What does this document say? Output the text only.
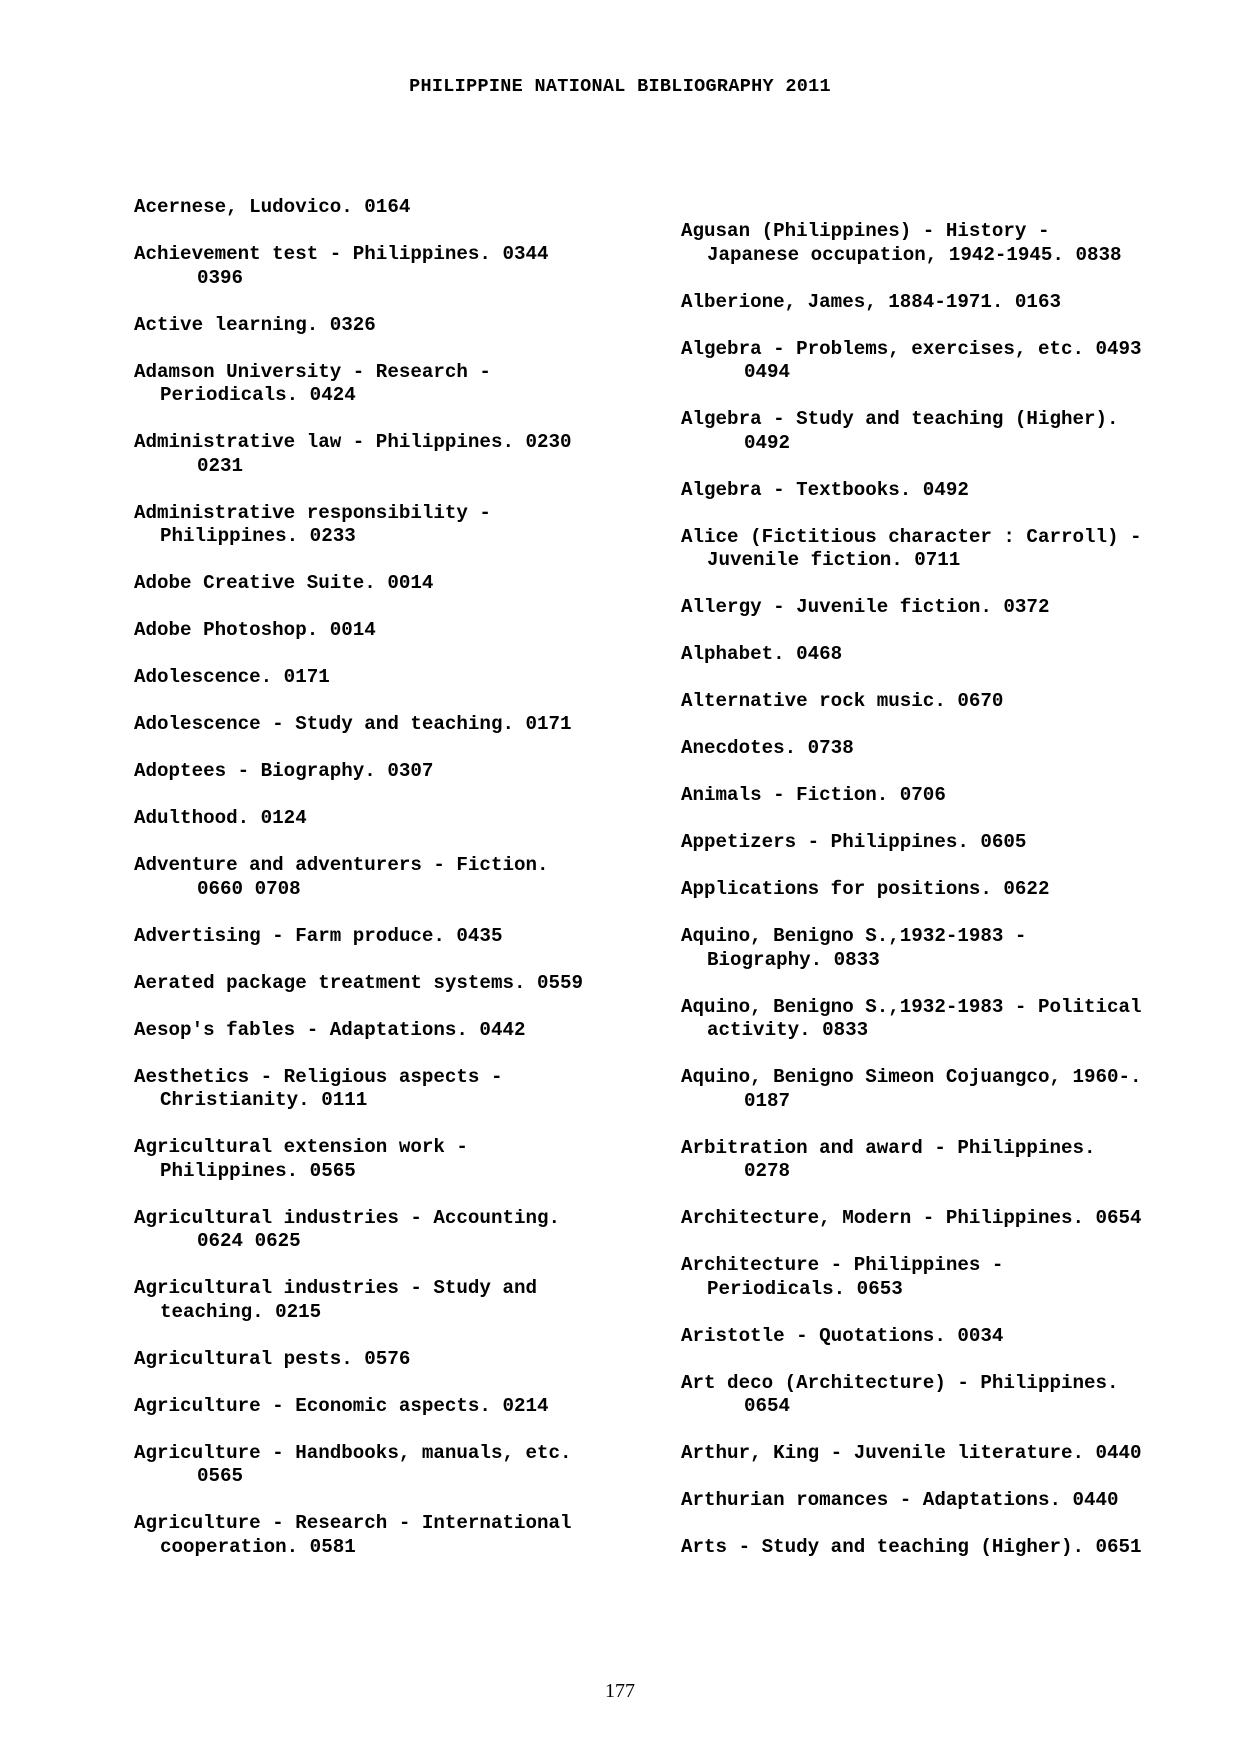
PHILIPPINE NATIONAL BIBLIOGRAPHY 2011
Acernese, Ludovico. 0164
Achievement test - Philippines. 0344
0396
Active learning. 0326
Adamson University - Research -
Periodicals. 0424
Administrative law - Philippines. 0230
0231
Administrative responsibility -
Philippines. 0233
Adobe Creative Suite. 0014
Adobe Photoshop. 0014
Adolescence. 0171
Adolescence - Study and teaching. 0171
Adoptees - Biography. 0307
Adulthood. 0124
Adventure and adventurers - Fiction.
0660 0708
Advertising - Farm produce. 0435
Aerated package treatment systems. 0559
Aesop's fables - Adaptations. 0442
Aesthetics - Religious aspects -
Christianity. 0111
Agricultural extension work -
Philippines. 0565
Agricultural industries - Accounting.
0624 0625
Agricultural industries - Study and
teaching. 0215
Agricultural pests. 0576
Agriculture - Economic aspects. 0214
Agriculture - Handbooks, manuals, etc.
0565
Agriculture - Research - International
cooperation. 0581
Agusan (Philippines) - History -
Japanese occupation, 1942-1945. 0838
Alberione, James, 1884-1971. 0163
Algebra - Problems, exercises, etc. 0493
0494
Algebra - Study and teaching (Higher).
0492
Algebra - Textbooks. 0492
Alice (Fictitious character : Carroll) -
Juvenile fiction. 0711
Allergy - Juvenile fiction. 0372
Alphabet. 0468
Alternative rock music. 0670
Anecdotes. 0738
Animals - Fiction. 0706
Appetizers - Philippines. 0605
Applications for positions. 0622
Aquino, Benigno S.,1932-1983 -
Biography. 0833
Aquino, Benigno S.,1932-1983 - Political
activity. 0833
Aquino, Benigno Simeon Cojuangco, 1960-.
0187
Arbitration and award - Philippines.
0278
Architecture, Modern - Philippines. 0654
Architecture - Philippines -
Periodicals. 0653
Aristotle - Quotations. 0034
Art deco (Architecture) - Philippines.
0654
Arthur, King - Juvenile literature. 0440
Arthurian romances - Adaptations. 0440
Arts - Study and teaching (Higher). 0651
177
